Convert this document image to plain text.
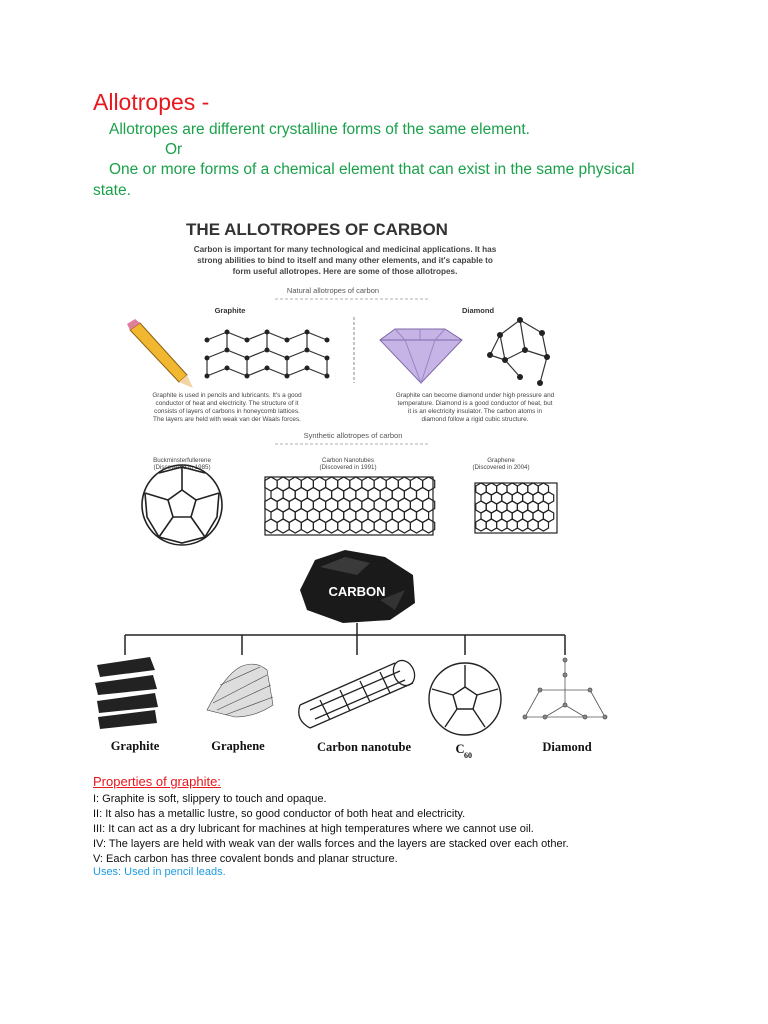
Allotropes -
Allotropes are different crystalline forms of the same element.
Or
One or more forms of a chemical element that can exist in the same physical
state.
THE ALLOTROPES OF CARBON
Carbon is important for many technological and medicinal applications. It has
strong abilities to bind to itself and many other elements, and it's capable to
form useful allotropes. Here are some of those allotropes.
Natural allotropes of carbon
Graphite	Diamond
Graphite is used in pencils and lubricants. It's a good
conductor of heat and electricity. The structure of it
consists of layers of carbons in honeycomb lattices.
The layers are held with weak van der Waals forces.
Graphite can become diamond under high pressure and
temperature. Diamond is a good conductor of heat, but
it is an electricity insulator. The carbon atoms in
diamond follow a rigid cubic structure.
Synthetic allotropes of carbon
Buckminsterfullerene
(Discovered in 1985)
Carbon Nanotubes
(Discovered in 1991)
Graphene
(Discovered in 2004)
CARBON
Graphite	Graphene	Carbon nanotube	C 60
Diamond
Properties of graphite:
I: Graphite is soft, slippery to touch and opaque.
II: It also has a metallic lustre, so good conductor of both heat and electricity.
III: It can act as a dry lubricant for machines at high temperatures where we cannot use oil.
IV: The layers are held with weak van der walls forces and the layers are stacked over each other.
V: Each carbon has three covalent bonds and planar structure.
Uses: Used in pencil leads.
